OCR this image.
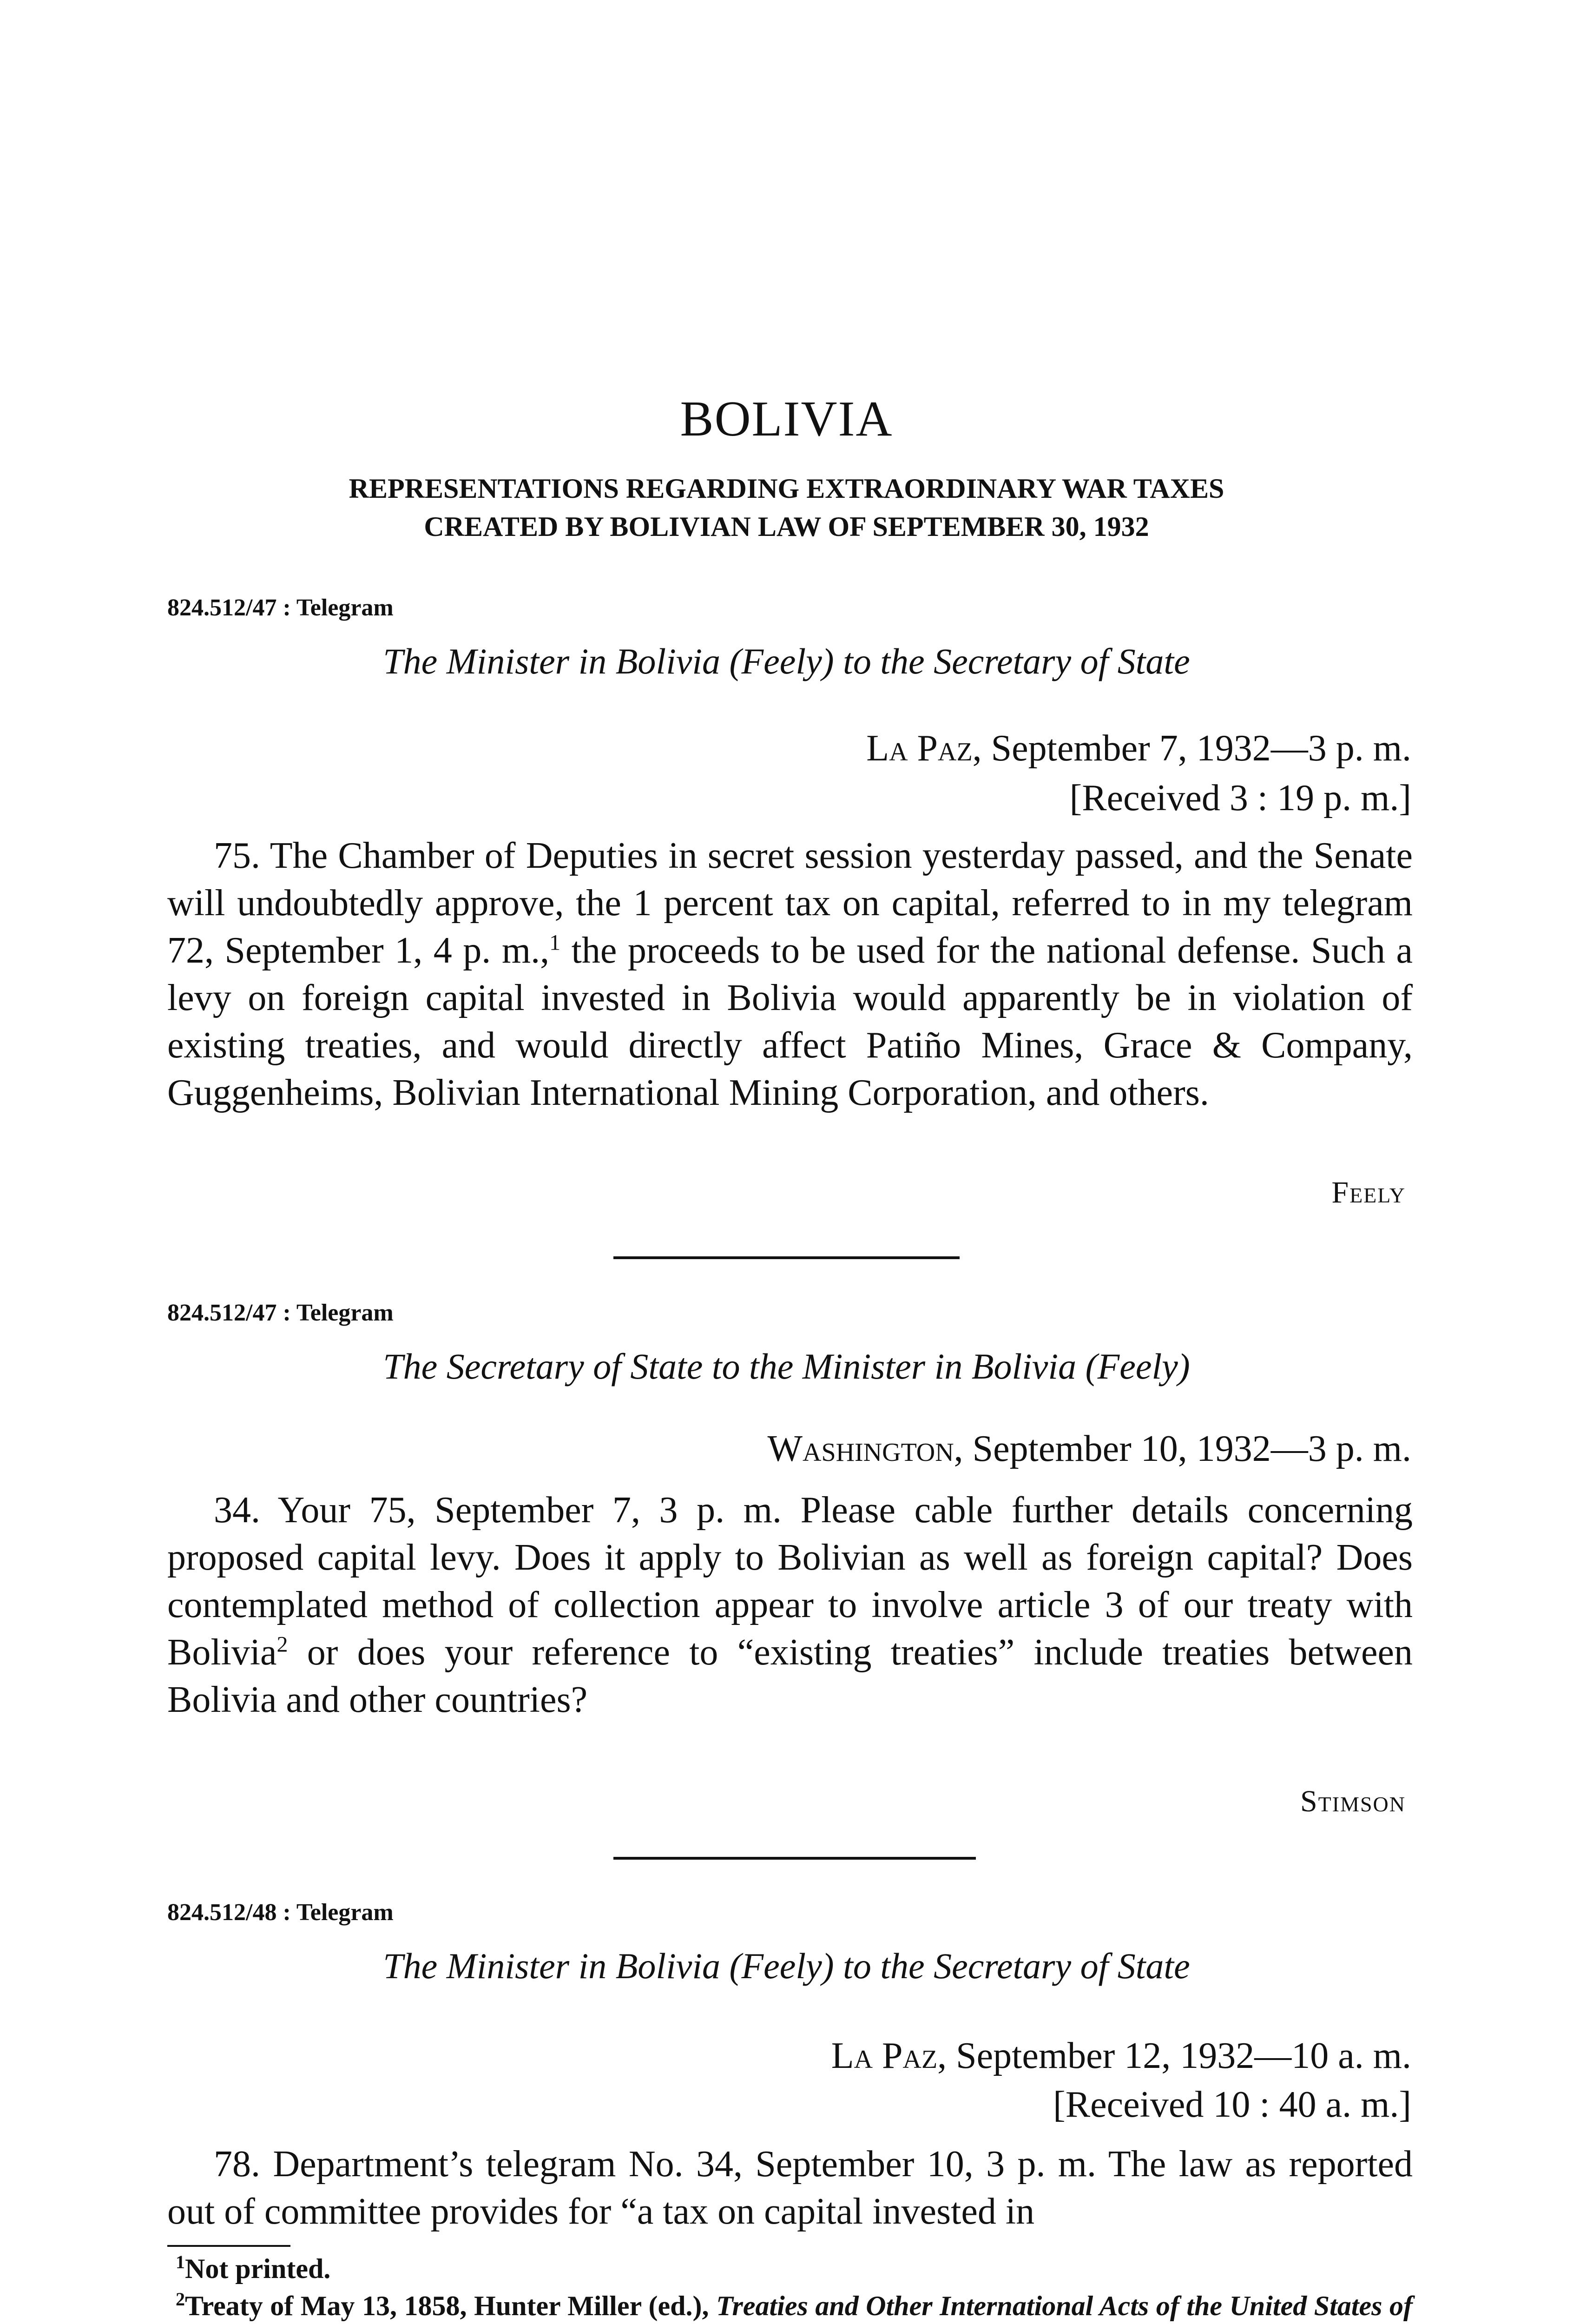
BOLIVIA
REPRESENTATIONS REGARDING EXTRAORDINARY WAR TAXES
CREATED BY BOLIVIAN LAW OF SEPTEMBER 30, 1932
824.512/47 : Telegram
The Minister in Bolivia (Feely) to the Secretary of State
La Paz, September 7, 1932—3 p. m.
[Received 3 : 19 p. m.]
75. The Chamber of Deputies in secret session yesterday passed, and the Senate will undoubtedly approve, the 1 percent tax on capital, referred to in my telegram 72, September 1, 4 p. m.,$^1$ the proceeds to be used for the national defense. Such a levy on foreign capital invested in Bolivia would apparently be in violation of existing treaties, and would directly affect Patiño Mines, Grace & Company, Guggenheims, Bolivian International Mining Corporation, and others.
Feely
824.512/47 : Telegram
The Secretary of State to the Minister in Bolivia (Feely)
Washington, September 10, 1932—3 p. m.
34. Your 75, September 7, 3 p. m. Please cable further details concerning proposed capital levy. Does it apply to Bolivian as well as foreign capital? Does contemplated method of collection appear to involve article 3 of our treaty with Bolivia$^2$ or does your reference to “existing treaties” include treaties between Bolivia and other countries?
Stimson
824.512/48 : Telegram
The Minister in Bolivia (Feely) to the Secretary of State
La Paz, September 12, 1932—10 a. m.
[Received 10 : 40 a. m.]
78. Department’s telegram No. 34, September 10, 3 p. m. The law as reported out of committee provides for “a tax on capital invested in
$^1$Not printed.
$^2$Treaty of May 13, 1858, Hunter Miller (ed.), Treaties and Other International Acts of the United States of
